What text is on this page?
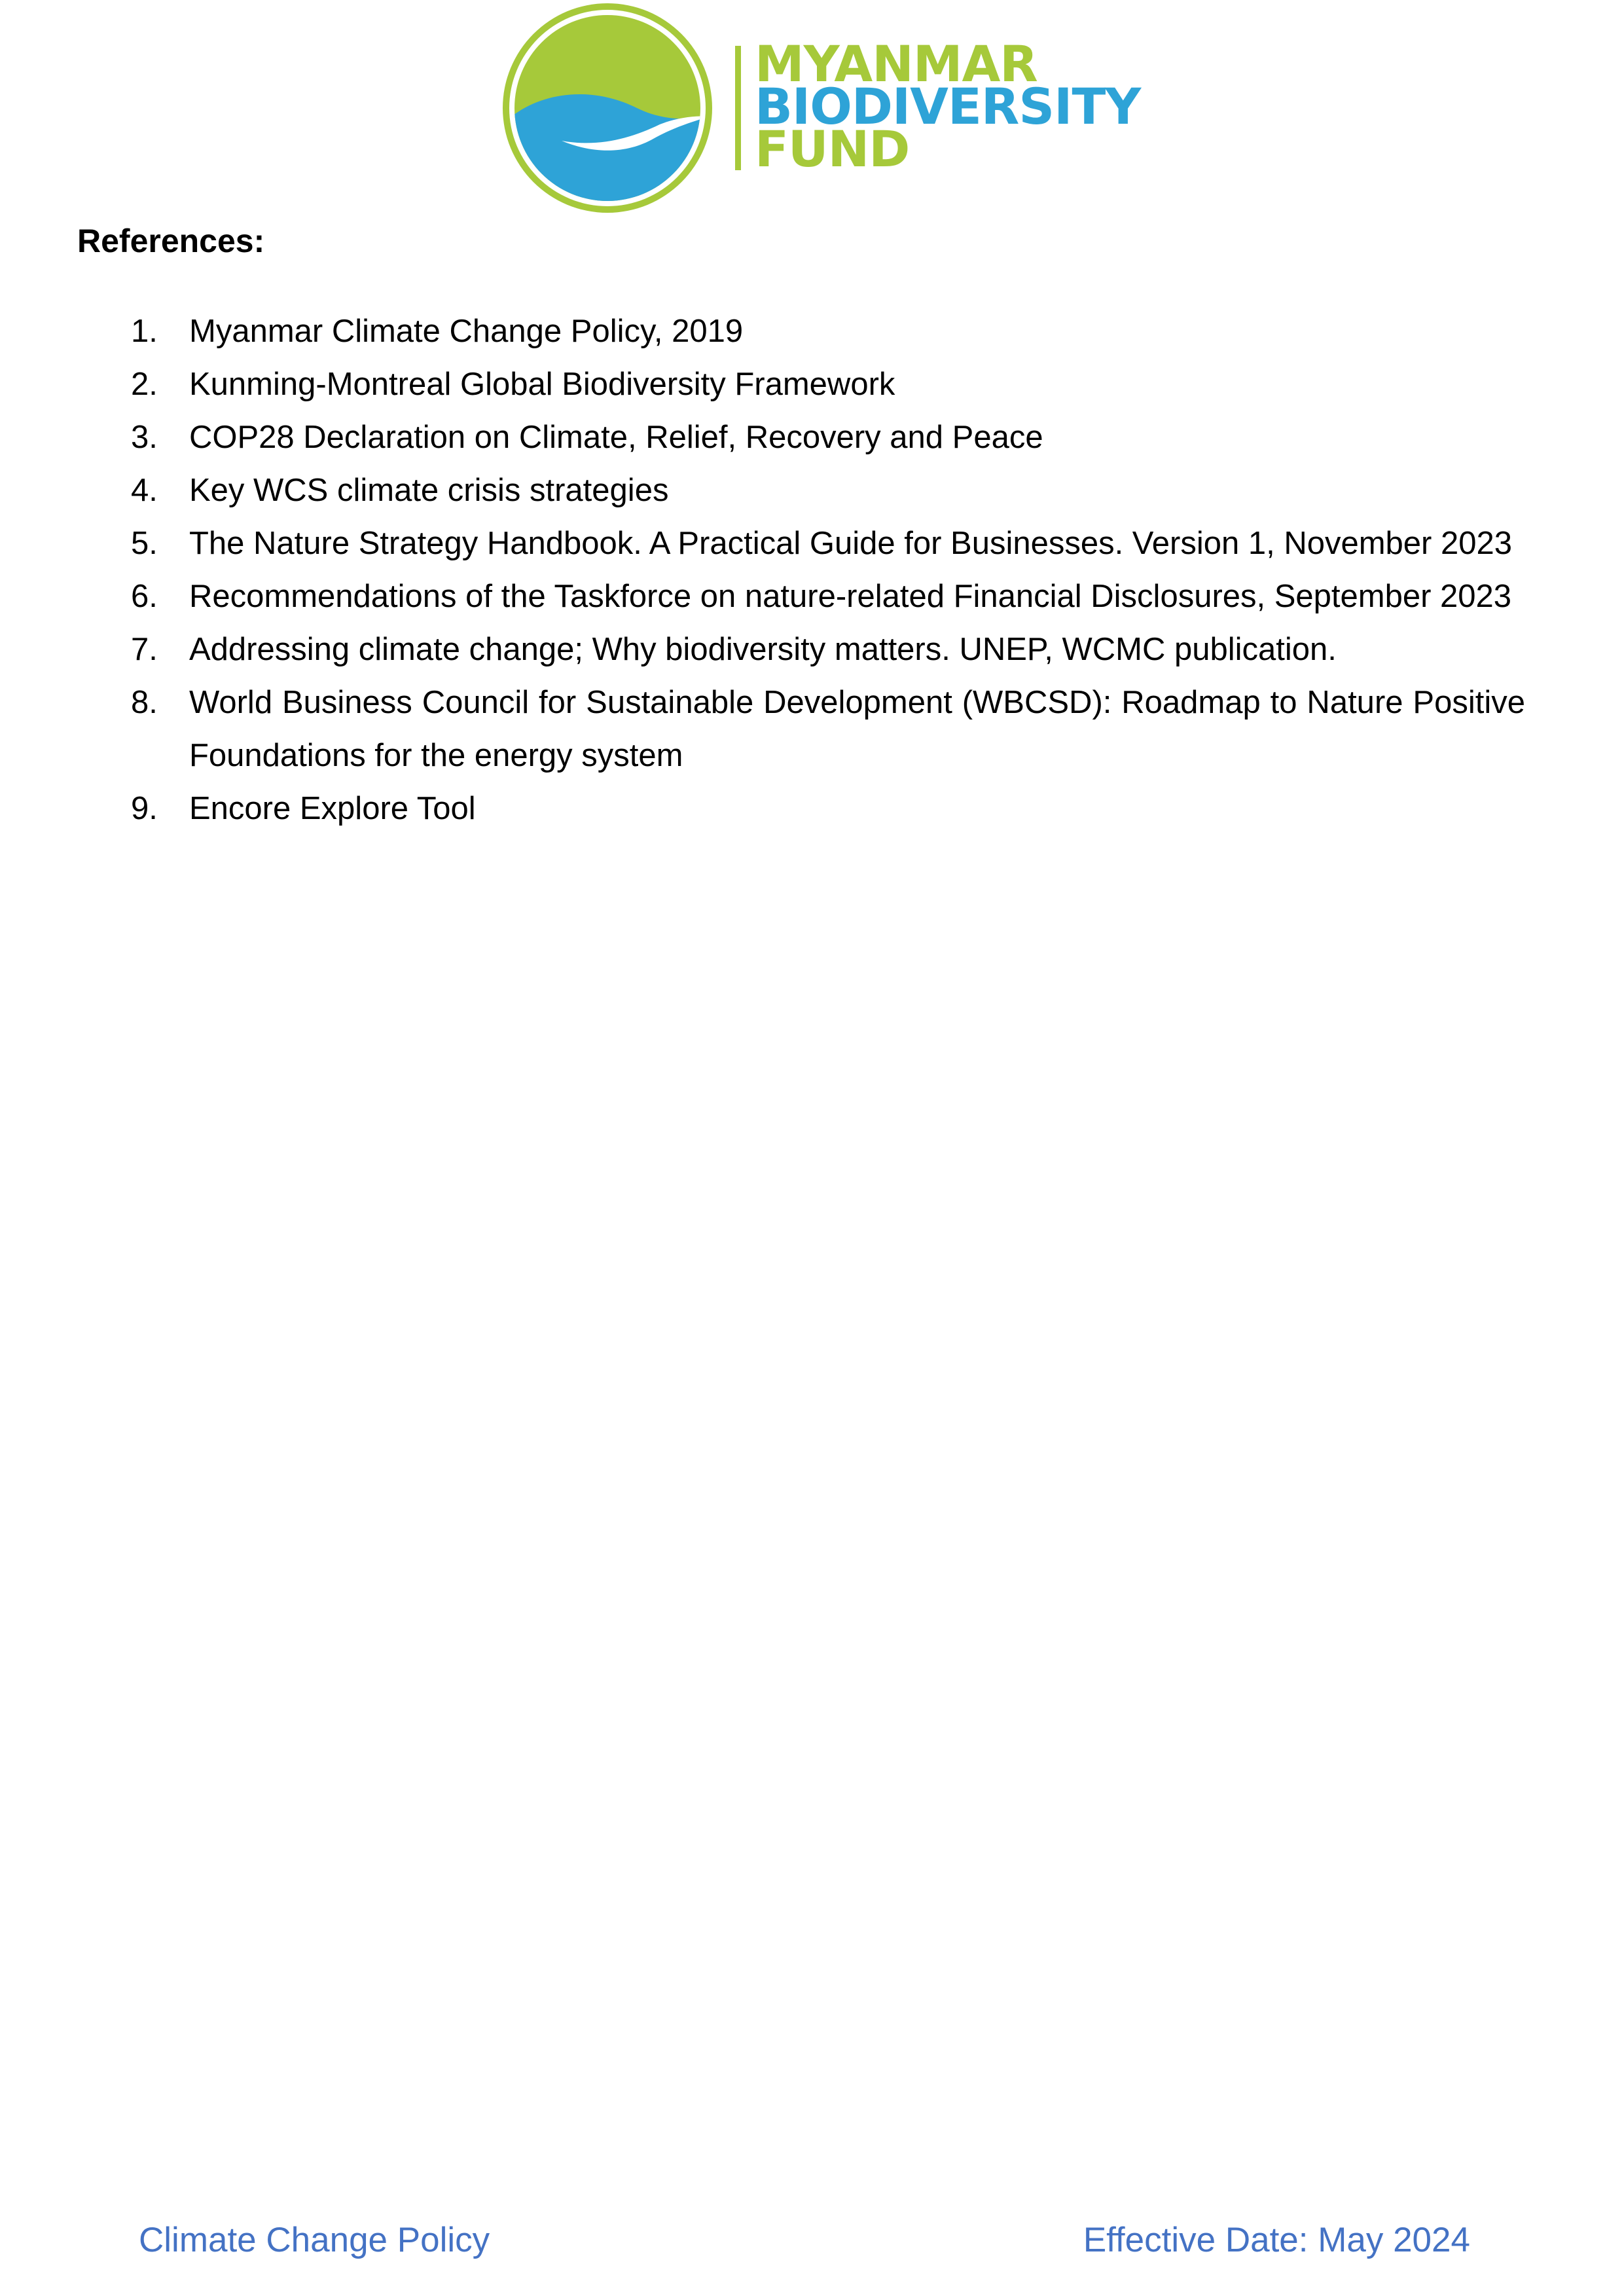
MYANMAR
BIODIVERSITY
FUND
References:
1. Myanmar Climate Change Policy, 2019
2. Kunming-Montreal Global Biodiversity Framework
3. COP28 Declaration on Climate, Relief, Recovery and Peace
4. Key WCS climate crisis strategies
5. The Nature Strategy Handbook. A Practical Guide for Businesses. Version 1, November 2023
6. Recommendations of the Taskforce on nature-related Financial Disclosures, September 2023
7. Addressing climate change; Why biodiversity matters. UNEP, WCMC publication.
8. World Business Council for Sustainable Development (WBCSD): Roadmap to Nature Positive Foundations for the energy system
9. Encore Explore Tool
Climate Change Policy	Effective Date: May 2024
